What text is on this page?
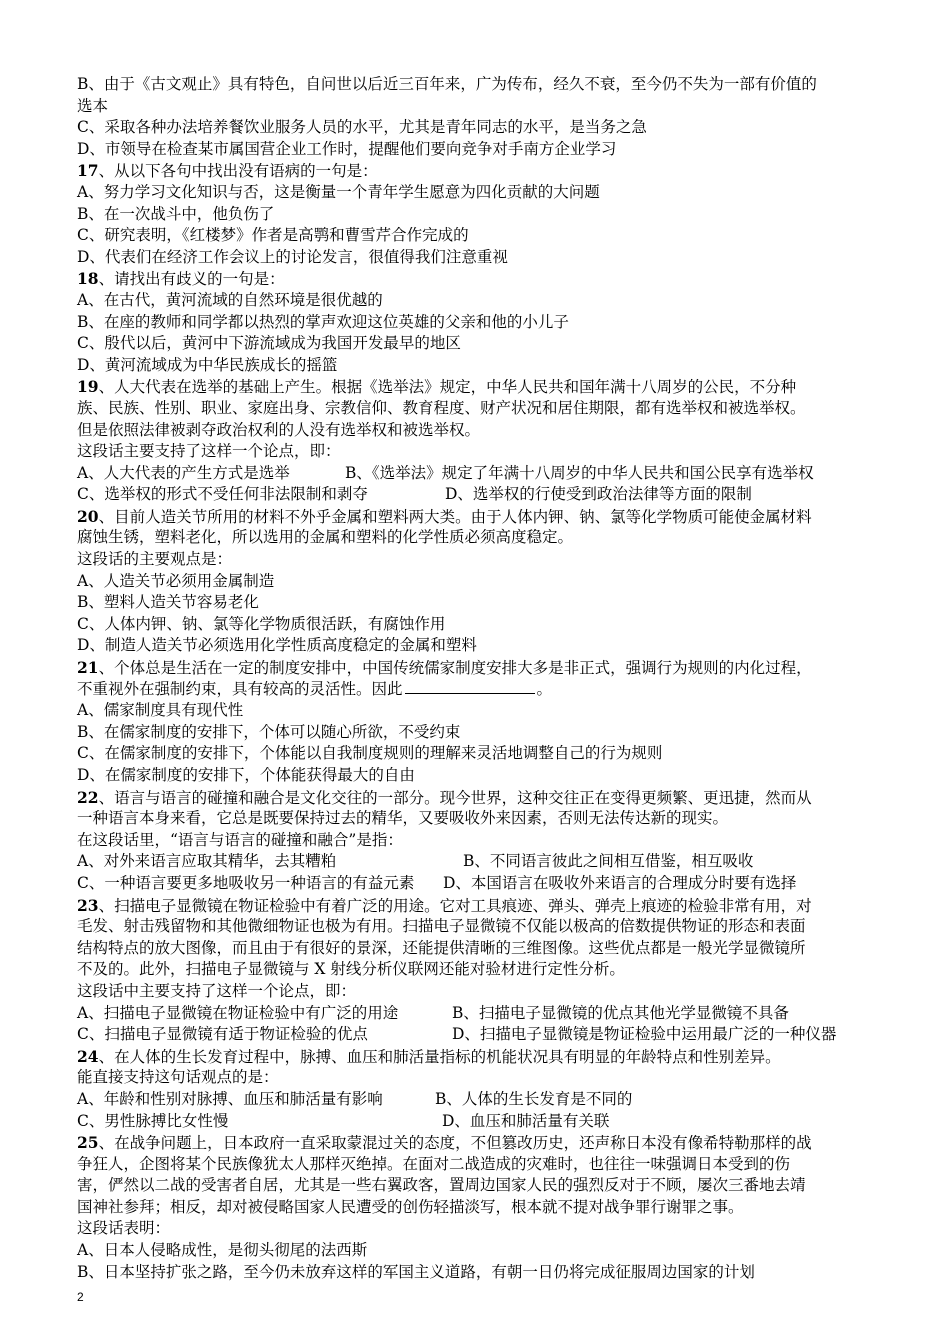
B、由于《古文观止》具有特色，自问世以后近三百年来，广为传布，经久不衰，至今仍不失为一部有价值的
选本
C、采取各种办法培养餐饮业服务人员的水平，尤其是青年同志的水平，是当务之急
D、市领导在检查某市属国营企业工作时，提醒他们要向竞争对手南方企业学习
17、从以下各句中找出没有语病的一句是：
A、努力学习文化知识与否，这是衡量一个青年学生愿意为四化贡献的大问题
B、在一次战斗中，他负伤了
C、研究表明，《红楼梦》作者是高鹗和曹雪芹合作完成的
D、代表们在经济工作会议上的讨论发言，很值得我们注意重视
18、请找出有歧义的一句是：
A、在古代，黄河流域的自然环境是很优越的
B、在座的教师和同学都以热烈的掌声欢迎这位英雄的父亲和他的小儿子
C、殷代以后，黄河中下游流域成为我国开发最早的地区
D、黄河流域成为中华民族成长的摇篮
19、人大代表在选举的基础上产生。根据《选举法》规定，中华人民共和国年满十八周岁的公民，不分种
族、民族、性别、职业、家庭出身、宗教信仰、教育程度、财产状况和居住期限，都有选举权和被选举权。
但是依照法律被剥夺政治权利的人没有选举权和被选举权。
这段话主要支持了这样一个论点，即：
A、人大代表的产生方式是选举	B、《选举法》规定了年满十八周岁的中华人民共和国公民享有选举权
C、选举权的形式不受任何非法限制和剥夺	D、选举权的行使受到政治法律等方面的限制
20、目前人造关节所用的材料不外乎金属和塑料两大类。由于人体内钾、钠、氯等化学物质可能使金属材料
腐蚀生锈，塑料老化，所以选用的金属和塑料的化学性质必须高度稳定。
这段话的主要观点是：
A、人造关节必须用金属制造
B、塑料人造关节容易老化
C、人体内钾、钠、氯等化学物质很活跃，有腐蚀作用
D、制造人造关节必须选用化学性质高度稳定的金属和塑料
21、个体总是生活在一定的制度安排中，中国传统儒家制度安排大多是非正式，强调行为规则的内化过程，
不重视外在强制约束，具有较高的灵活性。因此	。
A、儒家制度具有现代性
B、在儒家制度的安排下，个体可以随心所欲，不受约束
C、在儒家制度的安排下，个体能以自我制度规则的理解来灵活地调整自己的行为规则
D、在儒家制度的安排下，个体能获得最大的自由
22、语言与语言的碰撞和融合是文化交往的一部分。现今世界，这种交往正在变得更频繁、更迅捷，然而从
一种语言本身来看，它总是既要保持过去的精华，又要吸收外来因素，否则无法传达新的现实。
在这段话里，“语言与语言的碰撞和融合”是指：
A、对外来语言应取其精华，去其糟粕	B、不同语言彼此之间相互借鉴，相互吸收
C、一种语言要更多地吸收另一种语言的有益元素	D、本国语言在吸收外来语言的合理成分时要有选择
23、扫描电子显微镜在物证检验中有着广泛的用途。它对工具痕迹、弹头、弹壳上痕迹的检验非常有用，对
毛发、射击残留物和其他微细物证也极为有用。扫描电子显微镜不仅能以极高的倍数提供物证的形态和表面
结构特点的放大图像，而且由于有很好的景深，还能提供清晰的三维图像。这些优点都是一般光学显微镜所
不及的。此外，扫描电子显微镜与 X 射线分析仪联网还能对验材进行定性分析。
这段话中主要支持了这样一个论点，即：
A、扫描电子显微镜在物证检验中有广泛的用途	B、扫描电子显微镜的优点其他光学显微镜不具备
C、扫描电子显微镜有适于物证检验的优点	D、扫描电子显微镜是物证检验中运用最广泛的一种仪器
24、在人体的生长发育过程中，脉搏、血压和肺活量指标的机能状况具有明显的年龄特点和性别差异。
能直接支持这句话观点的是：
A、年龄和性别对脉搏、血压和肺活量有影响	B、人体的生长发育是不同的
C、男性脉搏比女性慢	D、血压和肺活量有关联
25、在战争问题上，日本政府一直采取蒙混过关的态度，不但篡改历史，还声称日本没有像希特勒那样的战
争狂人，企图将某个民族像犹太人那样灭绝掉。在面对二战造成的灾难时，也往往一味强调日本受到的伤
害，俨然以二战的受害者自居，尤其是一些右翼政客，置周边国家人民的强烈反对于不顾，屡次三番地去靖
国神社参拜；相反，却对被侵略国家人民遭受的创伤轻描淡写，根本就不提对战争罪行谢罪之事。
这段话表明：
A、日本人侵略成性，是彻头彻尾的法西斯
B、日本坚持扩张之路，至今仍未放弃这样的军国主义道路，有朝一日仍将完成征服周边国家的计划
2
